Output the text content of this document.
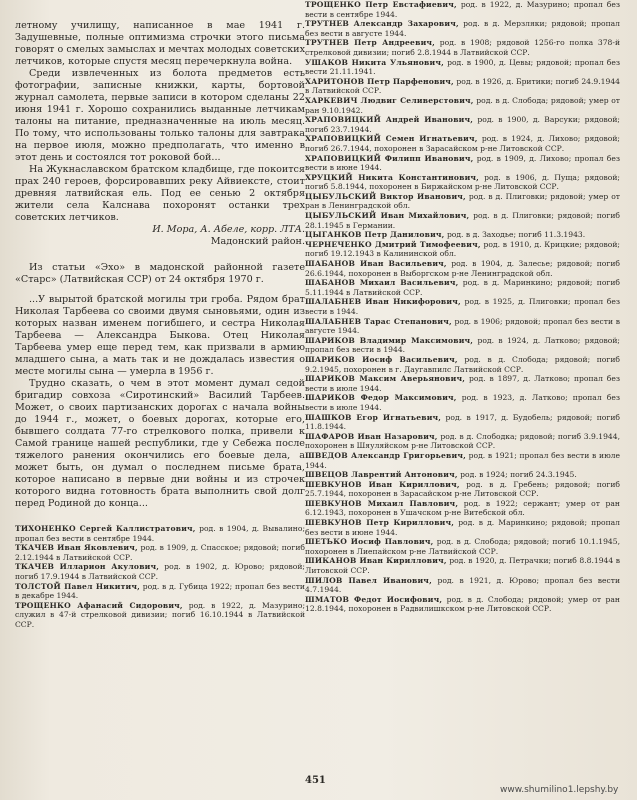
летному училищу, написанное в мае 1941 г. Задушевные, полные оптимизма строчки этого письма говорят о смелых замыслах и мечтах молодых советских летчиков, которые спустя месяц перечеркнула война.

Среди извлеченных из болота предметов есть фотографии, записные книжки, карты, бортовой журнал самолета, первые записи в котором сделаны 22 июня 1941 г. Хорошо сохранились выданные летчикам талоны на питание, предназначенные на июль месяц. По тому, что использованы только талоны для завтрака на первое июля, можно предполагать, что именно в этот день и состоялся тот роковой бой...

На Жукнаславском братском кладбище, где покоится прах 240 героев, форсировавших реку Айвиексте, стоит древняя латвийская ель. Под ее сенью 2 октября жители села Калснава похоронят останки трех советских летчиков.

И. Мора, А. Абеле, корр. ЛТА.

Мадонский район.

Из статьи «Эхо» в мадонской районной газете «Старс» (Латвийская ССР) от 24 октября 1970 г.

...У вырытой братской могилы три гроба. Рядом брат Николая Тарбеева со своими двумя сыновьями, один из которых назван именем погибшего, и сестра Николая Тарбеева — Александра Быкова. Отец Николая Тарбеева умер еще перед тем, как призвали в армию младшего сына, а мать так и не дождалась известия о месте могилы сына — умерла в 1956 г.

Трудно сказать, о чем в этот момент думал седой бригадир совхоза «Сиротинский» Василий Тарбеев. Может, о своих партизанских дорогах с начала войны до 1944 г., может, о боевых дорогах, которые его, бывшего солдата 77-го стрелкового полка, привели к Самой границе нашей республики, где у Себежа после тяжелого ранения окончились его боевые дела, а может быть, он думал о последнем письме брата, которое написано в первые дни войны и из строчек которого видна готовность брата выполнить свой долг перед Родиной до конца...

ТИХОНЕНКО Сергей Каллистратович, род. в 1904, д. Вывалино; пропал без вести в сентябре 1944.

ТКАЧЕВ Иван Яковлевич, род. в 1909, д. Спасское; рядовой; погиб 2.12.1944 в Латвийской ССР.

ТКАЧЕВ Илларион Акулович, род. в 1902, д. Юрово; рядовой; погиб 17.9.1944 в Латвийской ССР.

ТОЛСТОЙ Павел Никитич, род. в д. Губица 1922; пропал без вести в декабре 1944.

ТРОЩЕНКО Афанасий Сидорович, род. в 1922, д. Мазурино; служил в 47-й стрелковой дивизии; погиб 16.10.1944 в Латвийской ССР.

ТРОЩЕНКО Петр Евстафиевич, род. в 1922, д. Мазурино; пропал без вести в сентябре 1944.

ТРУТНЕВ Александр Захарович, род. в д. Мерзляки; рядовой; пропал без вести в августе 1944.

ТРУТНЕВ Петр Андреевич, род. в 1908; рядовой 1256-го полка 378-й стрелковой дивизии; погиб 2.8.1944 в Латвийской ССР.

УШАКОВ Никита Ульянович, род. в 1900, д. Цевы; рядовой; пропал без вести 21.11.1941.

ХАРИТОНОВ Петр Парфенович, род. в 1926, д. Бритики; погиб 24.9.1944 в Латвийской ССР.

ХАРКЕВИЧ Людвиг Селиверстович, род. в д. Слобода; рядовой; умер от ран 9.10.1942.

ХРАПОВИЦКИЙ Андрей Иванович, род. в 1900, д. Варсуки; рядовой; погиб 23.7.1944.

ХРАПОВИЦКИЙ Семен Игнатьевич, род. в 1924, д. Лихово; рядовой; погиб 26.7.1944, похоронен в Зарасайском р-не Литовской ССР.

ХРАПОВИЦКИЙ Филипп Иванович, род. в 1909, д. Лихово; пропал без вести в июне 1944.

ХРУЦКИЙ Никита Константинович, род. в 1906, д. Пуща; рядовой; погиб 5.8.1944, похоронен в Биржайском р-не Литовской ССР.

ЦЫБУЛЬСКИЙ Виктор Иванович, род. в д. Плиговки; рядовой; умер от ран в Ленинградской обл.

ЦЫБУЛЬСКИЙ Иван Михайлович, род. в д. Плиговки; рядовой; погиб 28.1.1945 в Германии.

ЦЫГАНКОВ Петр Данилович, род. в д. Заходье; погиб 11.3.1943.

ЧЕРНЕЧЕНКО Дмитрий Тимофеевич, род. в 1910, д. Крицкие; рядовой; погиб 19.12.1943 в Калининской обл.

ШАБАНОВ Иван Васильевич, род. в 1904, д. Залесье; рядовой; погиб 26.6.1944, похоронен в Выборгском р-не Ленинградской обл.

ШАБАНОВ Михаил Васильевич, род. в д. Маринкино; рядовой; погиб 5.11.1944 в Латвийской ССР.

ШАЛАБНЕВ Иван Никифорович, род. в 1925, д. Плиговки; пропал без вести в 1944.

ШАЛАБНЕВ Тарас Степанович, род. в 1906; рядовой; пропал без вести в августе 1944.

ШАРИКОВ Владимир Максимович, род. в 1924, д. Латково; рядовой; пропал без вести в 1944.

ШАРИКОВ Иосиф Васильевич, род. в д. Слобода; рядовой; погиб 9.2.1945, похоронен в г. Даугавпилс Латвийской ССР.

ШАРИКОВ Максим Аверьянович, род. в 1897, д. Латково; пропал без вести в июле 1944.

ШАРИКОВ Федор Максимович, род. в 1923, д. Латково; пропал без вести в июле 1944.

ШАШКОВ Егор Игнатьевич, род. в 1917, д. Будобель; рядовой; погиб 11.8.1944.

ШАФАРОВ Иван Назарович, род. в д. Слободка; рядовой; погиб 3.9.1944, похоронен в Шяуляйском р-не Литовской ССР.

ШВЕДОВ Александр Григорьевич, род. в 1921; пропал без вести в июле 1944.

ШВЕЦОВ Лаврентий Антонович, род. в 1924; погиб 24.3.1945.

ШЕВКУНОВ Иван Кириллович, род. в д. Гребень; рядовой; погиб 25.7.1944, похоронен в Зарасайском р-не Литовской ССР.

ШЕВКУНОВ Михаил Павлович, род. в 1922; сержант; умер от ран 6.12.1943, похоронен в Ушачском р-не Витебской обл.

ШЕВКУНОВ Петр Кириллович, род. в д. Маринкино; рядовой; пропал без вести в июне 1944.

ШЕТЬКО Иосиф Павлович, род. в д. Слобода; рядовой; погиб 10.1.1945, похоронен в Лиепайском р-не Латвийской ССР.

ШИКАНОВ Иван Кириллович, род. в 1920, д. Петрачки; погиб 8.8.1944 в Литовской ССР.

ШИЛОВ Павел Иванович, род. в 1921, д. Юрово; пропал без вести 4.7.1944.

ШМАТОВ Федот Иосифович, род. в д. Слобода; рядовой; умер от ран 12.8.1944, похоронен в Радвилишкском р-не Литовской ССР.

451
www.shumilino1.lepshy.by
